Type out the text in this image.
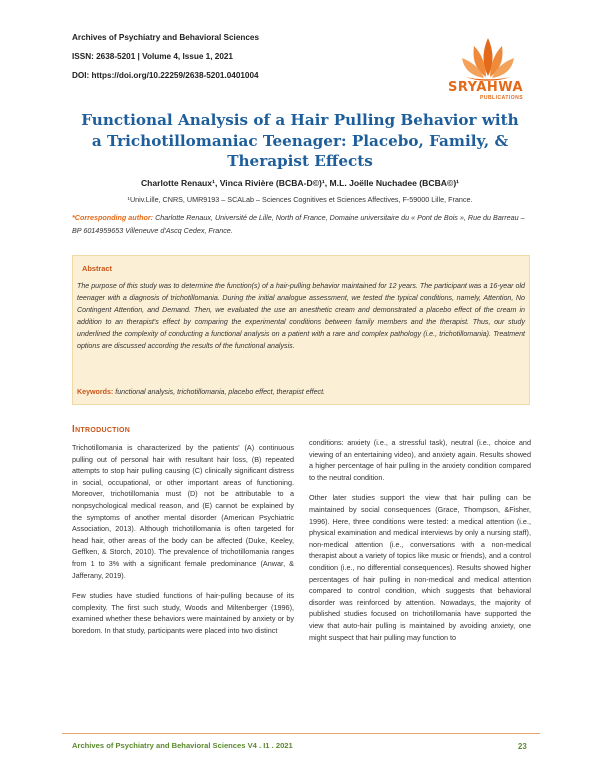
Archives of Psychiatry and Behavioral Sciences
ISSN: 2638-5201 | Volume 4, Issue 1, 2021
DOI: https://doi.org/10.22259/2638-5201.0401004
SRYAHWA
PUBLICATIONS
Functional Analysis of a Hair Pulling Behavior with
a Trichotillomaniac Teenager: Placebo, Family, &
Therapist Effects
Charlotte Renaux¹, Vinca Rivière (BCBA-D©)¹, M.L. Joëlle Nuchadee (BCBA©)¹
¹Univ.Lille, CNRS, UMR9193 – SCALab – Sciences Cognitives et Sciences Affectives, F-59000 Lille, France.
*Corresponding author: Charlotte Renaux, Université de Lille, North of France, Domaine universitaire du « Pont de Bois », Rue du Barreau – BP 6014959653 Villeneuve d'Ascq Cedex, France.
Abstract
The purpose of this study was to determine the function(s) of a hair-pulling behavior maintained for 12 years. The participant was a 16-year old teenager with a diagnosis of trichotillomania. During the initial analogue assessment, we tested the typical conditions, namely, Attention, No Contingent Attention, and Demand. Then, we evaluated the use an anesthetic cream and demonstrated a placebo effect of the cream in addition to an therapist's effect by comparing the experimental conditions between family members and the therapist. Thus, our study underlined the complexity of conducting a functional analysis on a patient with a rare and complex pathology (i.e., trichotillomania). Treatment options are discussed according the results of the functional analysis.
Keywords: functional analysis, trichotillomania, placebo effect, therapist effect.
Introduction

Trichotillomania is characterized by the patients' (A) continuous pulling out of personal hair with resultant hair loss, (B) repeated attempts to stop hair pulling causing (C) clinically significant distress in social, occupational, or other important areas of functioning. Moreover, trichotillomania must (D) not be attributable to a nonpsychological medical reason, and (E) cannot be explained by the symptoms of another mental disorder (American Psychiatric Association, 2013). Although trichotillomania is often targeted for head hair, other areas of the body can be affected (Duke, Keeley, Geffken, & Storch, 2010). The prevalence of trichotillomania ranges from 1 to 3% with a significant female predominance (Anwar, & Jafferany, 2019).

Few studies have studied functions of hair-pulling because of its complexity. The first such study, Woods and Miltenberger (1996), examined whether these behaviors were maintained by anxiety or by boredom. In that study, participants were placed into two distinct

conditions: anxiety (i.e., a stressful task), neutral (i.e., choice and viewing of an entertaining video), and anxiety again. Results showed a higher percentage of hair pulling in the anxiety condition compared to the neutral condition.

Other later studies support the view that hair pulling can be maintained by social consequences (Grace, Thompson, &Fisher, 1996). Here, three conditions were tested: a medical attention (i.e., physical examination and medical interviews by only a nursing staff), non-medical attention (i.e., conversations with a non-medical therapist about a variety of topics like music or friends), and a control condition (i.e., no differential consequences). Results showed higher percentages of hair pulling in non-medical and medical attention compared to control condition, which suggests that behavioral disorder was reinforced by attention. Nowadays, the majority of published studies focused on trichotillomania have supported the view that auto-hair pulling is maintained by avoiding anxiety, one might suspect that hair pulling may function to

Archives of Psychiatry and Behavioral Sciences V4 . I1 . 2021	23
